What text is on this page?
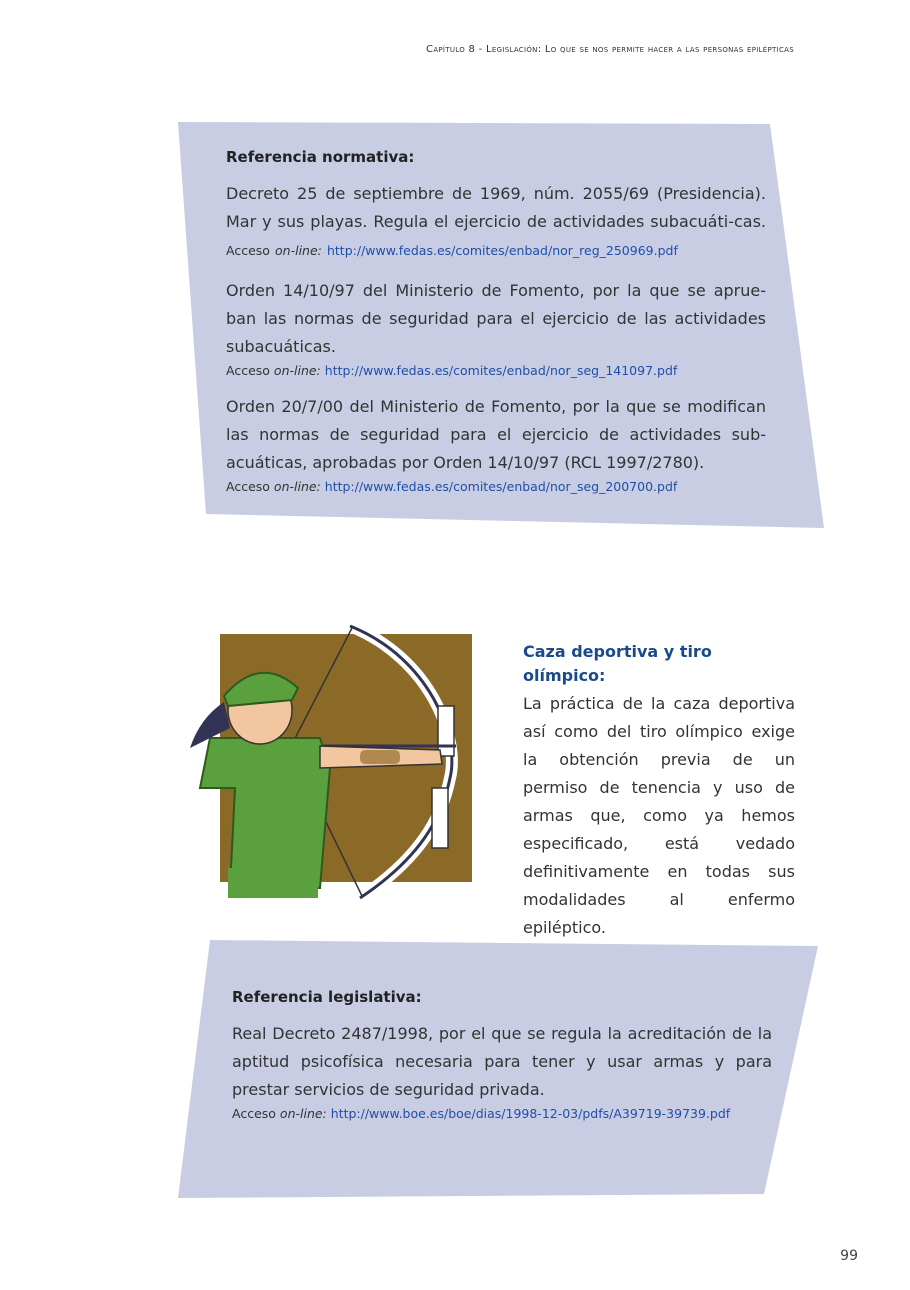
Capítulo 8 - Legislación: Lo que se nos permite hacer a las personas epilépticas
Referencia normativa:
Decreto 25 de septiembre de 1969, núm. 2055/69 (Presidencia). Mar y sus playas. Regula el ejercicio de actividades subacuáti-cas. Acceso on-line: http://www.fedas.es/comites/enbad/nor_reg_250969.pdf
Orden 14/10/97 del Ministerio de Fomento, por la que se aprue-ban las normas de seguridad para el ejercicio de las actividades subacuáticas.
Acceso on-line: http://www.fedas.es/comites/enbad/nor_seg_141097.pdf
Orden 20/7/00 del Ministerio de Fomento, por la que se modifican las normas de seguridad para el ejercicio de actividades sub-acuáticas, aprobadas por Orden 14/10/97 (RCL 1997/2780).
Acceso on-line: http://www.fedas.es/comites/enbad/nor_seg_200700.pdf
Caza deportiva y tiro olímpico:
La práctica de la caza deportiva así como del tiro olímpico exige la obtención previa de un permiso de tenencia y uso de armas que, como ya hemos especificado, está vedado definitivamente en todas sus modalidades al enfermo epiléptico.
Referencia legislativa:
Real Decreto 2487/1998, por el que se regula la acreditación de la aptitud psicofísica necesaria para tener y usar armas y para prestar servicios de seguridad privada.
Acceso on-line: http://www.boe.es/boe/dias/1998-12-03/pdfs/A39719-39739.pdf
99
